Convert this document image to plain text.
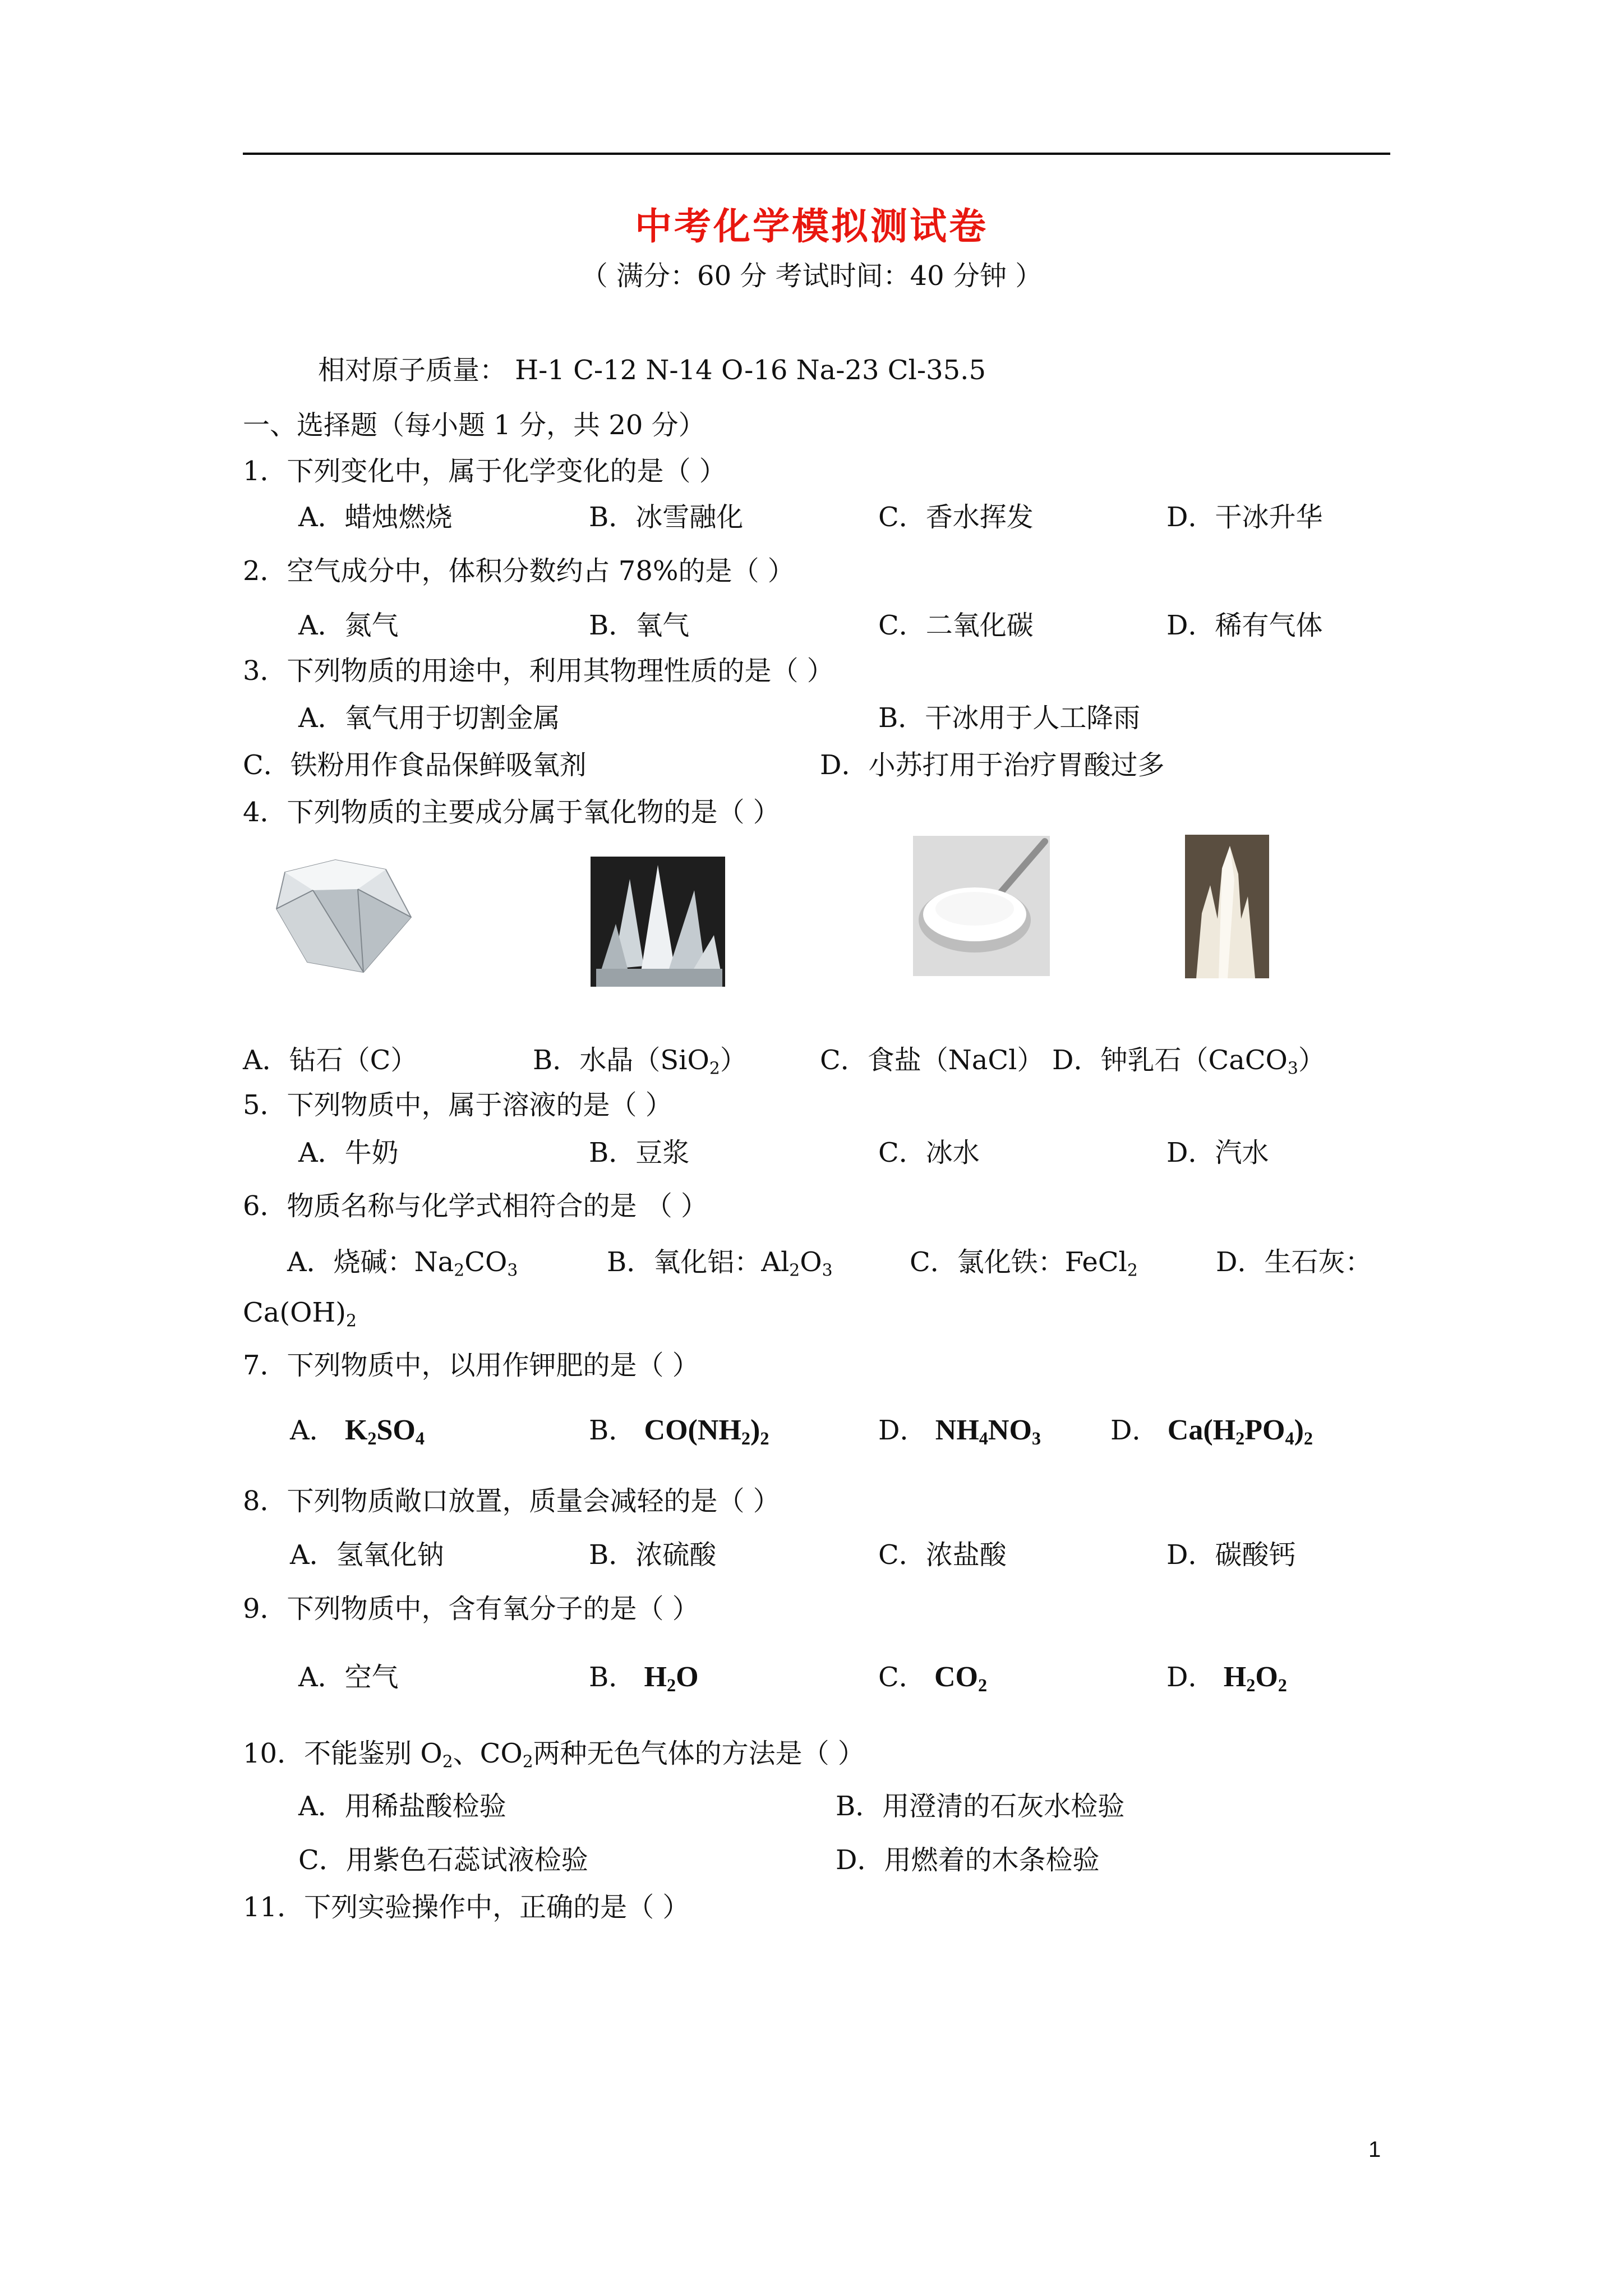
中考化学模拟测试卷
（ 满分：60 分 考试时间：40 分钟 ）
相对原子质量： H-1 C-12 N-14 O-16 Na-23 Cl-35.5
一、选择题（每小题 1 分，共 20 分）
1．下列变化中，属于化学变化的是（ ）
A．蜡烛燃烧	B．冰雪融化	C．香水挥发	D．干冰升华
2．空气成分中，体积分数约占 78%的是（ ）
A．氮气	B．氧气	C．二氧化碳	D．稀有气体
3．下列物质的用途中，利用其物理性质的是（ ）
A．氧气用于切割金属	B．干冰用于人工降雨
C．铁粉用作食品保鲜吸氧剂	D．小苏打用于治疗胃酸过多
4．下列物质的主要成分属于氧化物的是（ ）
A．钻石（C）	B．水晶（SiO$_2$）	C．食盐（NaCl） D．钟乳石（CaCO$_3$）
5．下列物质中，属于溶液的是（ ）
A．牛奶	B．豆浆	C．冰水	D．汽水
6．物质名称与化学式相符合的是 （ ）
A．烧碱：$Na_2CO_3$	B．氧化铝：$Al_2O_3$	C．氯化铁：FeCl$_2$	D．生石灰：
$Ca(OH)_2$
7．下列物质中，以用作钾肥的是（ ）
A． $K_2SO_4$	B． $CO(NH_2)_2$	D． $NH_4NO_3$	D． $Ca(H_2PO_4)_2$
8．下列物质敞口放置，质量会减轻的是（ ）
A．氢氧化钠	B．浓硫酸	C．浓盐酸	D．碳酸钙
9．下列物质中，含有氧分子的是（ ）
A．空气	B． $H_2O$	C． $CO_2$	D． $H_2O_2$
10．不能鉴别 $O_2$、$CO_2$两种无色气体的方法是（ ）
A．用稀盐酸检验	B．用澄清的石灰水检验
C．用紫色石蕊试液检验	D．用燃着的木条检验
11．下列实验操作中，正确的是（ ）
1
